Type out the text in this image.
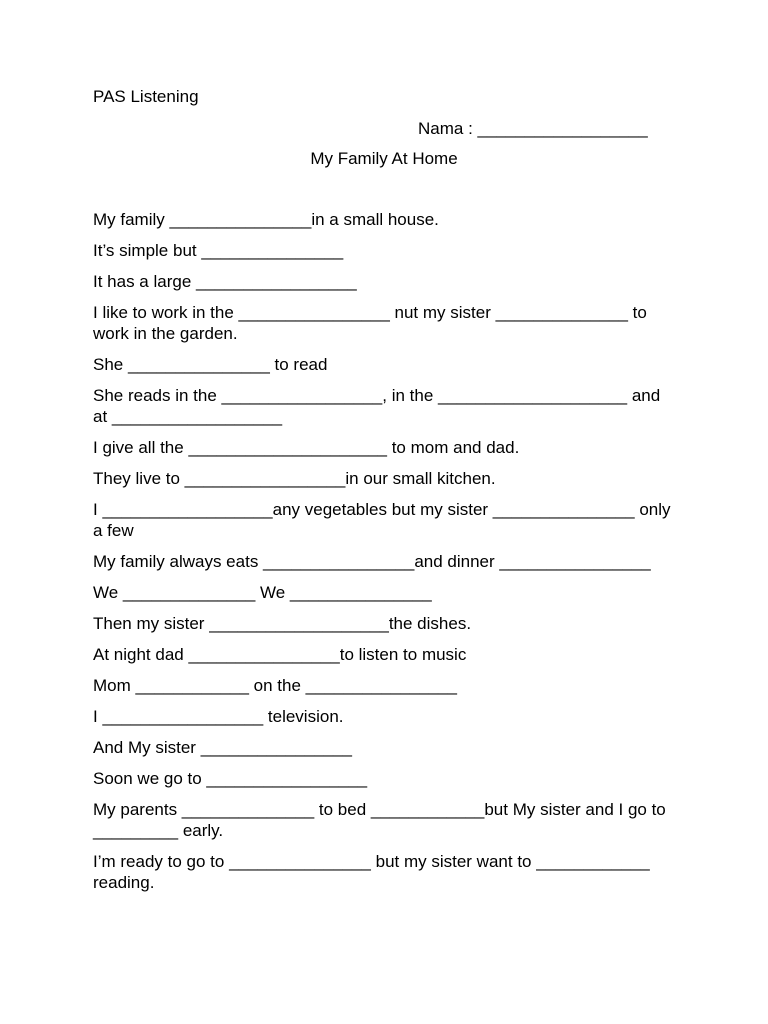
PAS Listening
Nama : __________________
My Family At Home
My family _______________in a small house.
It’s simple but _______________
It has a large _________________
I like to work in the ________________ nut my sister ______________ to work in the garden.
She _______________ to read
She reads in the _________________, in the ____________________ and at __________________
I give all the _____________________ to mom and dad.
They live to _________________in our small kitchen.
I __________________any vegetables but my sister _______________ only a few
My family always eats ________________and dinner ________________
We ______________ We _______________
Then my sister ___________________the dishes.
At night dad ________________to listen to music
Mom ____________ on the ________________
I _________________ television.
And My sister ________________
Soon we go to _________________
My parents ______________ to bed ____________but My sister and I go to _________ early.
I’m ready to go to _______________ but my sister want to ____________ reading.
